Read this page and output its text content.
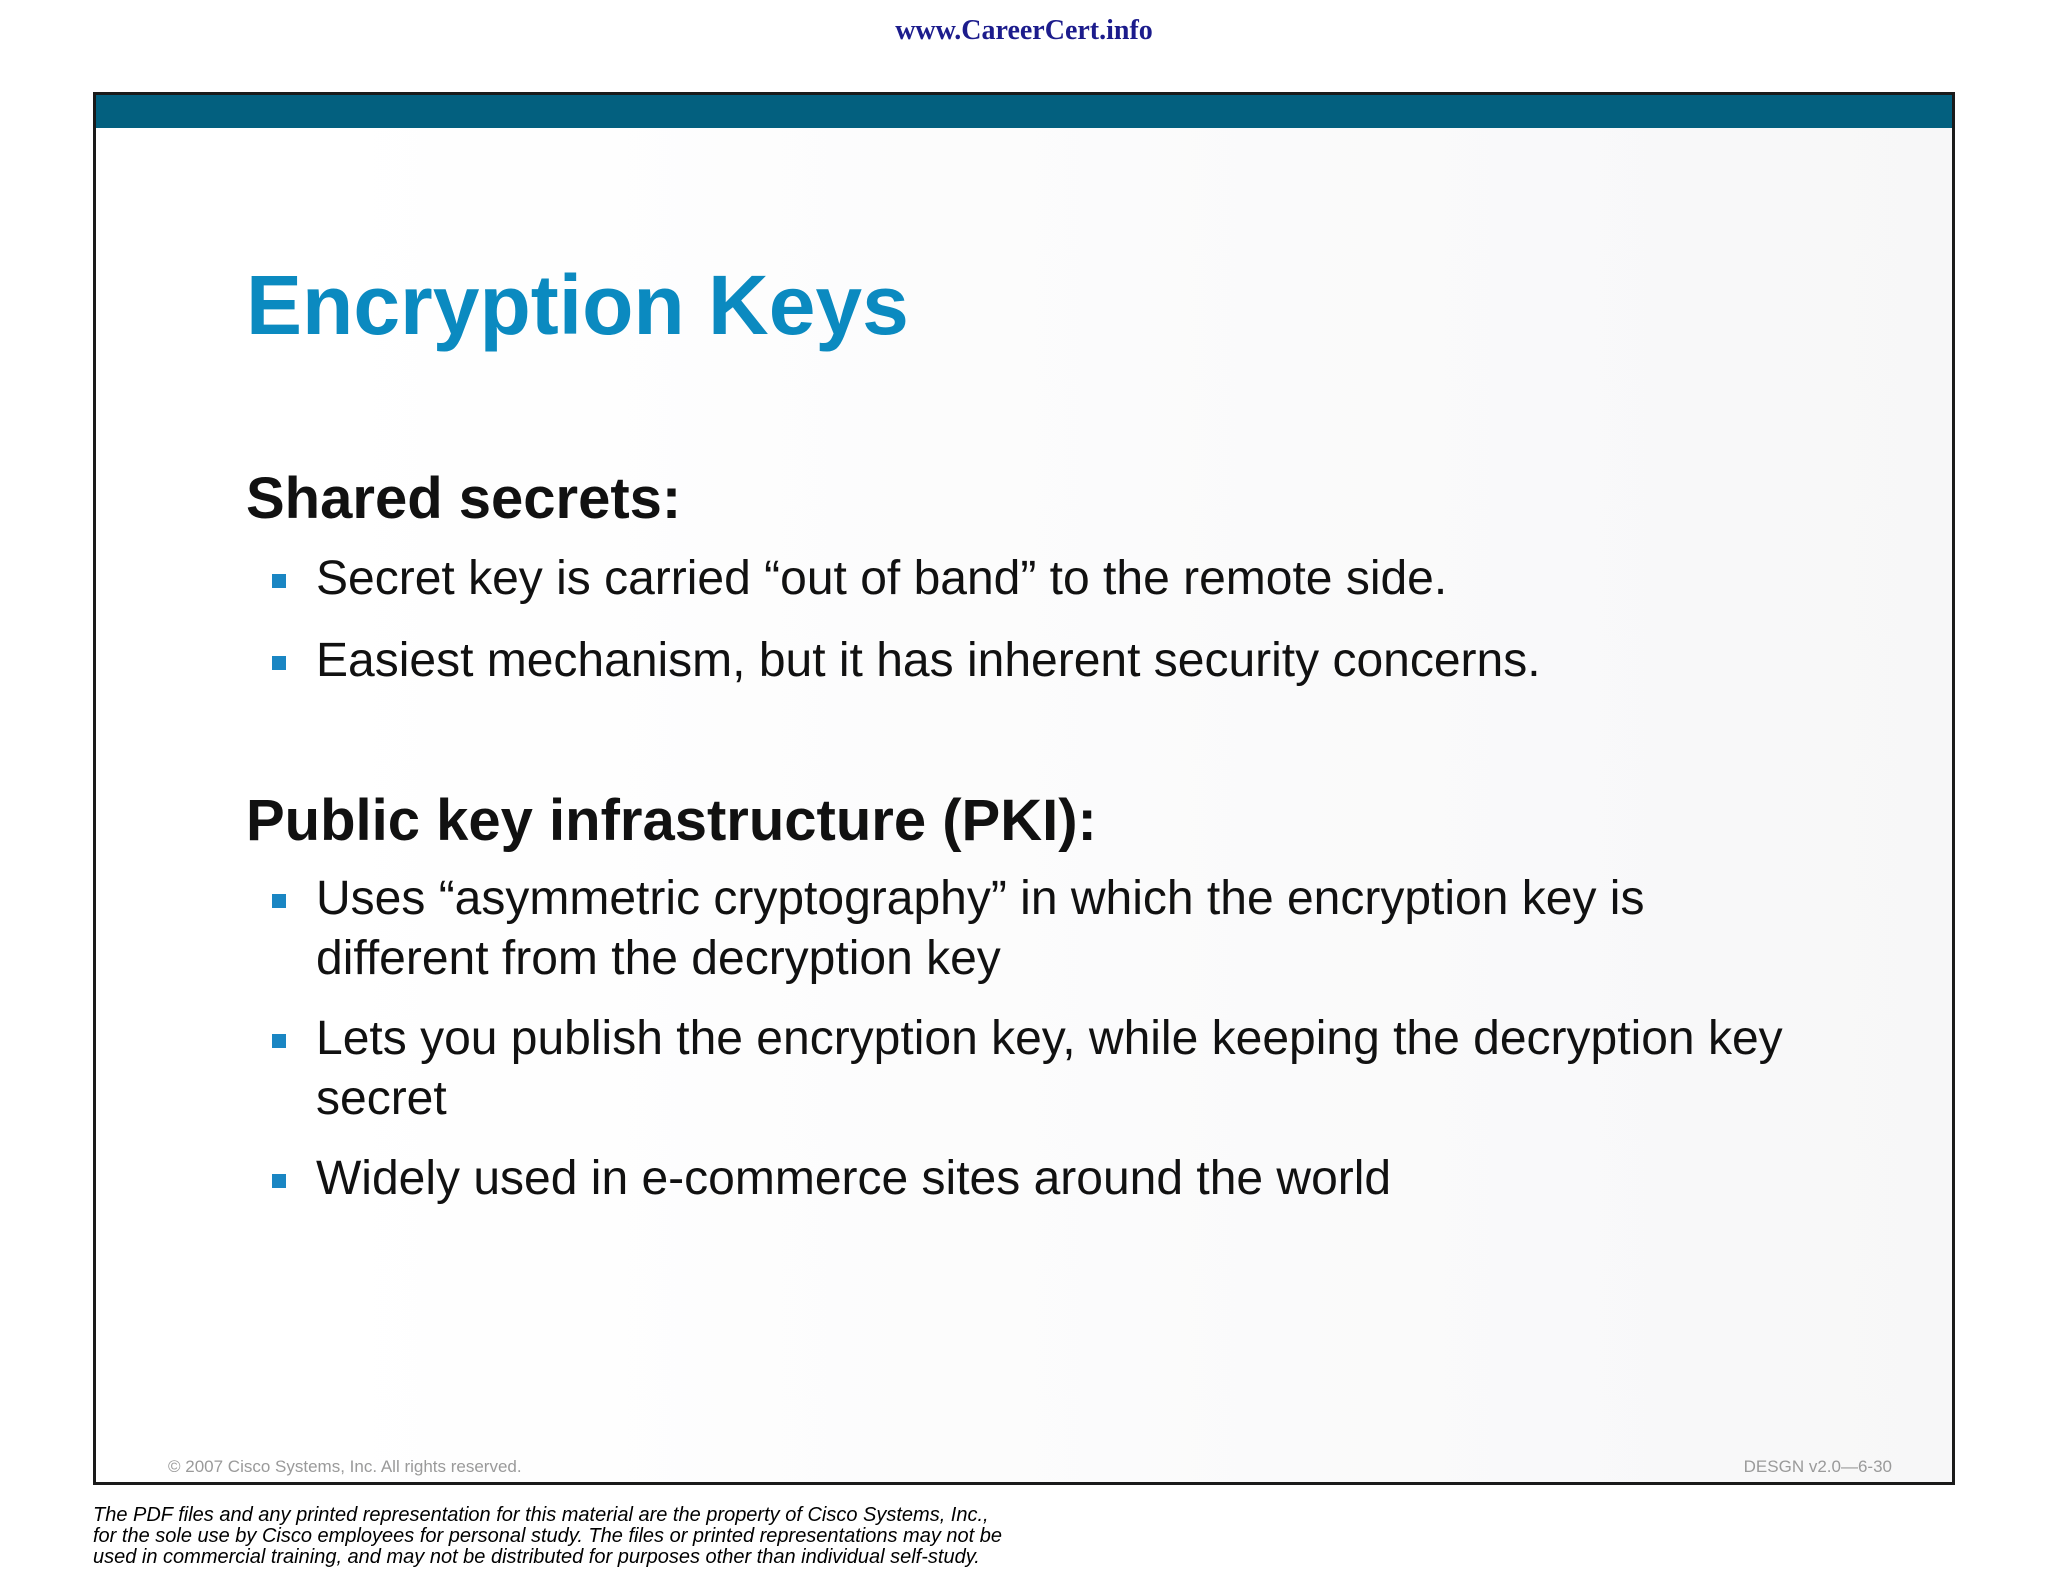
www.CareerCert.info
Encryption Keys
Shared secrets:
Secret key is carried “out of band” to the remote side.
Easiest mechanism, but it has inherent security concerns.
Public key infrastructure (PKI):
Uses “asymmetric cryptography” in which the encryption key is different from the decryption key
Lets you publish the encryption key, while keeping the decryption key secret
Widely used in e-commerce sites around the world
© 2007 Cisco Systems, Inc. All rights reserved.	DESGN v2.0—6-30
The PDF files and any printed representation for this material are the property of Cisco Systems, Inc.,
for the sole use by Cisco employees for personal study. The files or printed representations may not be
used in commercial training, and may not be distributed for purposes other than individual self-study.
